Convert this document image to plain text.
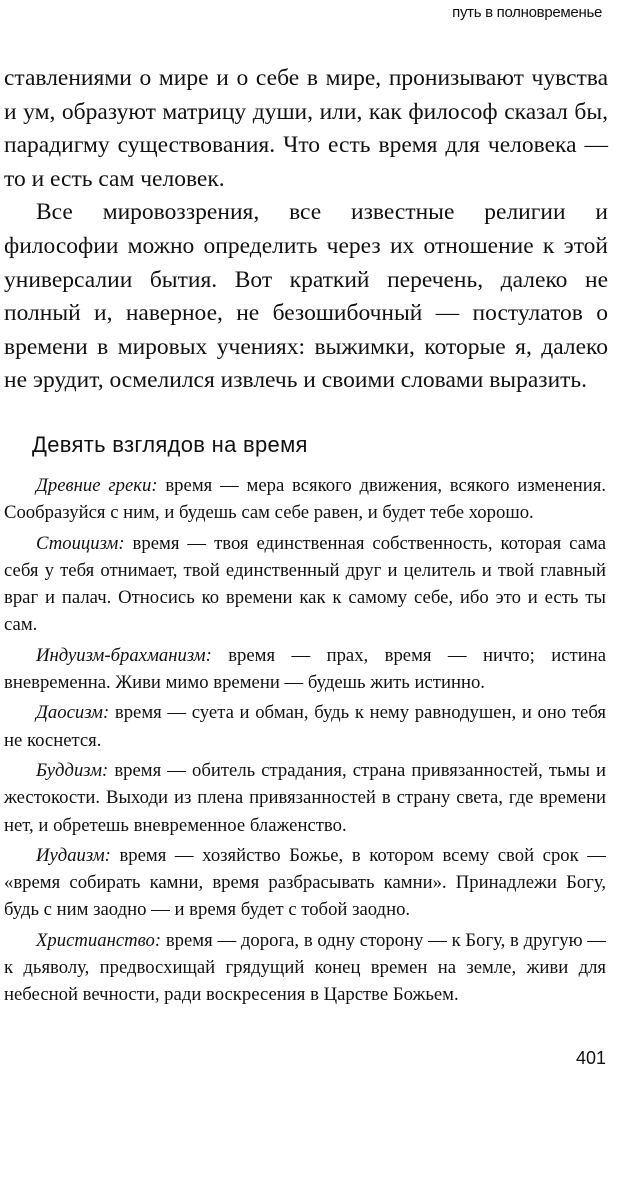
путь в полновременье

ставлениями о мире и о себе в мире, пронизывают чувства и ум, образуют матрицу души, или, как философ сказал бы, парадигму существования. Что есть время для человека — то и есть сам человек.

Все мировоззрения, все известные религии и философии можно определить через их отношение к этой универсалии бытия. Вот краткий перечень, далеко не полный и, наверное, не безошибочный — постулатов о времени в мировых учениях: выжимки, которые я, далеко не эрудит, осмелился извлечь и своими словами выразить.

Девять взглядов на время

Древние греки: время — мера всякого движения, всякого изменения. Сообразуйся с ним, и будешь сам себе равен, и будет тебе хорошо.

Стоицизм: время — твоя единственная собственность, которая сама себя у тебя отнимает, твой единственный друг и целитель и твой главный враг и палач. Относись ко времени как к самому себе, ибо это и есть ты сам.

Индуизм-брахманизм: время — прах, время — ничто; истина вневременна. Живи мимо времени — будешь жить истинно.

Даосизм: время — суета и обман, будь к нему равнодушен, и оно тебя не коснется.

Буддизм: время — обитель страдания, страна привязанностей, тьмы и жестокости. Выходи из плена привязанностей в страну света, где времени нет, и обретешь вневременное блаженство.

Иудаизм: время — хозяйство Божье, в котором всему свой срок — «время собирать камни, время разбрасывать камни». Принадлежи Богу, будь с ним заодно — и время будет с тобой заодно.

Христианство: время — дорога, в одну сторону — к Богу, в другую — к дьяволу, предвосхищай грядущий конец времен на земле, живи для небесной вечности, ради воскресения в Царстве Божьем.

401
